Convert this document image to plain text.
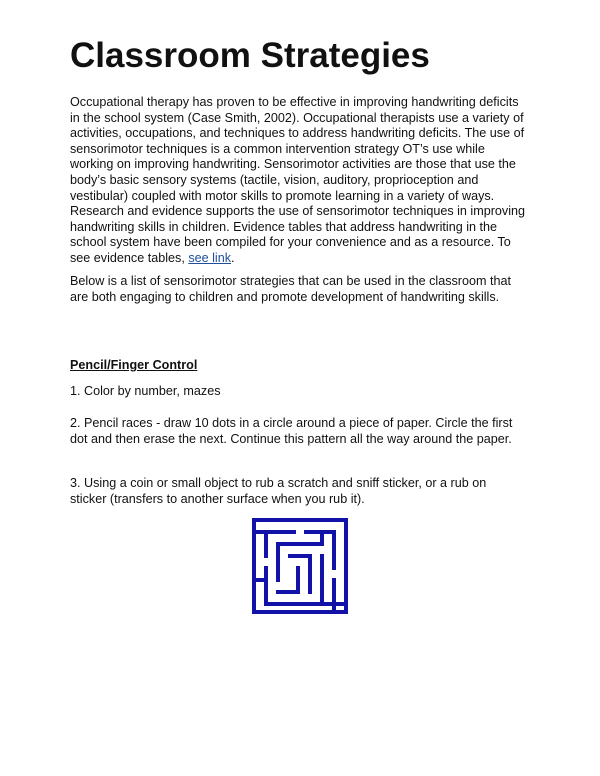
Classroom Strategies

Occupational therapy has proven to be effective in improving handwriting deficits in the school system (Case Smith, 2002). Occupational therapists use a variety of activities, occupations, and techniques to address handwriting deficits. The use of sensorimotor techniques is a common intervention strategy OT’s use while working on improving handwriting. Sensorimotor activities are those that use the body’s basic sensory systems (tactile, vision, auditory, proprioception and vestibular) coupled with motor skills to promote learning in a variety of ways. Research and evidence supports the use of sensorimotor techniques in improving handwriting skills in children. Evidence tables that address handwriting in the school system have been compiled for your convenience and as a resource. To see evidence tables, see link.

Below is a list of sensorimotor strategies that can be used in the classroom that are both engaging to children and promote development of handwriting skills.

Pencil/Finger Control

1. Color by number, mazes

2. Pencil races - draw 10 dots in a circle around a piece of paper. Circle the first dot and then erase the next. Continue this pattern all the way around the paper.

3. Using a coin or small object to rub a scratch and sniff sticker, or a rub on sticker (transfers to another surface when you rub it).
